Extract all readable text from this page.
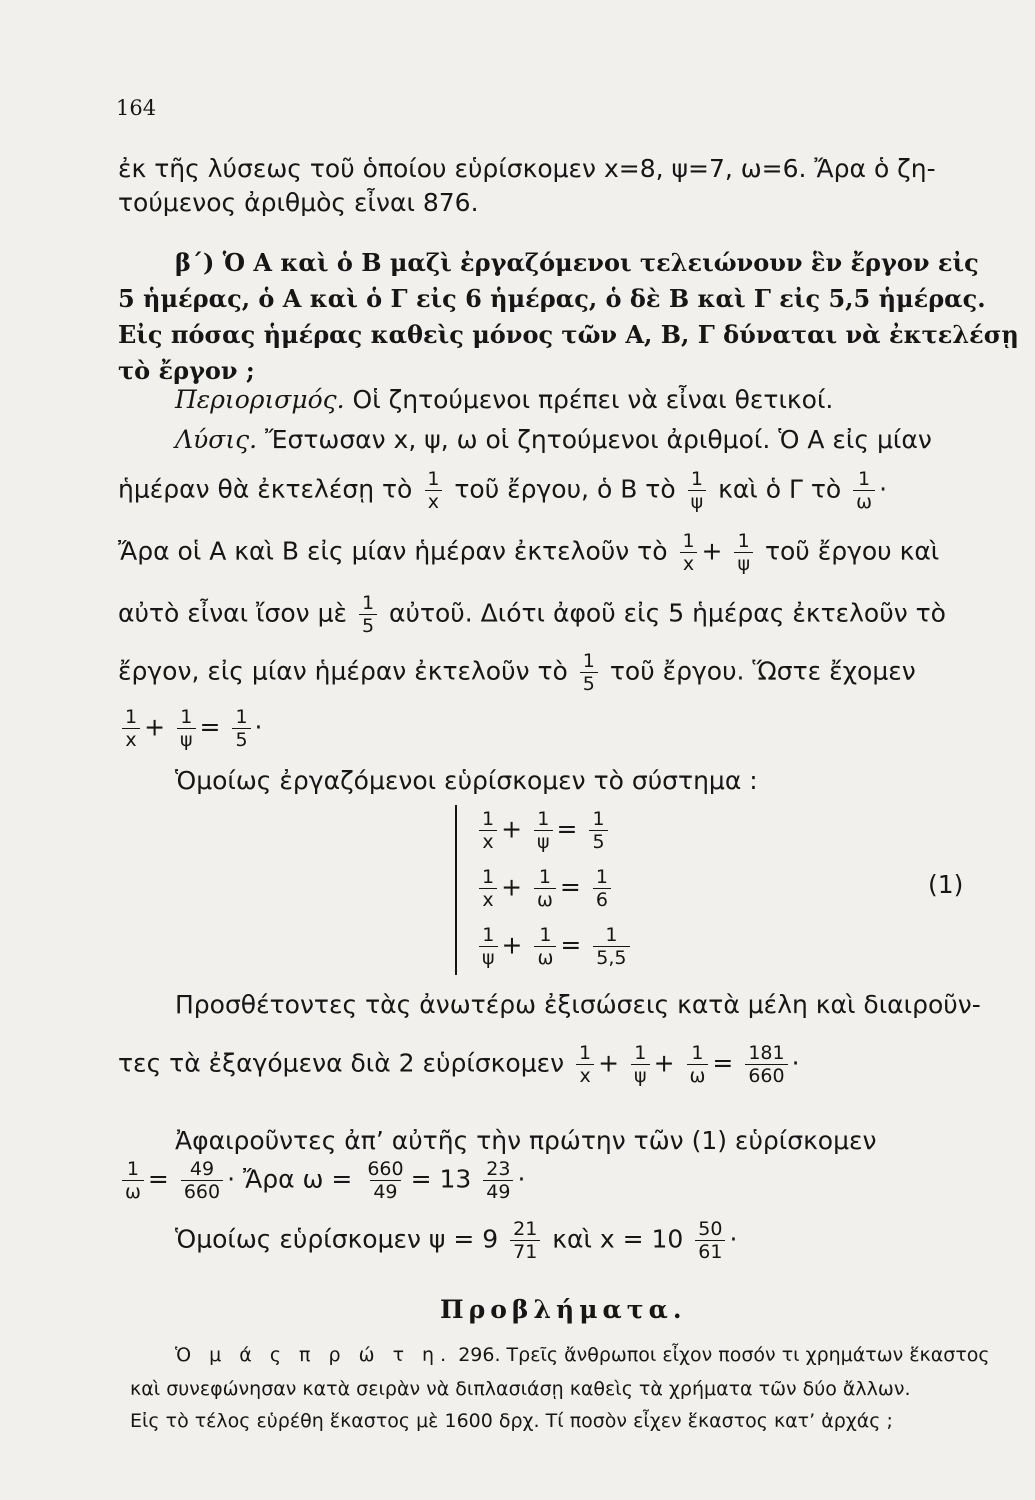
164
ἐκ τῆς λύσεως τοῦ ὁποίου εὑρίσκομεν x=8, ψ=7, ω=6. Ἄρα ὁ ζη-
τούμενος ἀριθμὸς εἶναι 876.
β΄) Ὁ Α καὶ ὁ Β μαζὶ ἐργαζόμενοι τελειώνουν ἓν ἔργον εἰς
5 ἡμέρας, ὁ Α καὶ ὁ Γ εἰς 6 ἡμέρας, ὁ δὲ Β καὶ Γ εἰς 5,5 ἡμέρας.
Εἰς πόσας ἡμέρας καθεὶς μόνος τῶν Α, Β, Γ δύναται νὰ ἐκτελέσῃ
τὸ ἔργον ;
Περιορισμός. Οἱ ζητούμενοι πρέπει νὰ εἶναι θετικοί.
Λύσις. Ἔστωσαν x, ψ, ω οἱ ζητούμενοι ἀριθμοί. Ὁ Α εἰς μίαν
ἡμέραν θὰ ἐκτελέσῃ τὸ $\frac{1}{x}$ τοῦ ἔργου, ὁ Β τὸ $\frac{1}{\psi}$ καὶ ὁ Γ τὸ $\frac{1}{\omega}$ ·
Ἄρα οἱ Α καὶ Β εἰς μίαν ἡμέραν ἐκτελοῦν τὸ $\frac{1}{x} + \frac{1}{\psi}$ τοῦ ἔργου καὶ
αὐτὸ εἶναι ἴσον μὲ $\frac{1}{5}$ αὐτοῦ. Διότι ἀφοῦ εἰς 5 ἡμέρας ἐκτελοῦν τὸ
ἔργον, εἰς μίαν ἡμέραν ἐκτελοῦν τὸ $\frac{1}{5}$ τοῦ ἔργου. Ὥστε ἔχομεν
$\frac{1}{x} + \frac{1}{\psi} = \frac{1}{5}$ ·
Ὁμοίως ἐργαζόμενοι εὑρίσκομεν τὸ σύστημα :
$\frac{1}{x} + \frac{1}{\psi} = \frac{1}{5}$
$\frac{1}{x} + \frac{1}{\omega} = \frac{1}{6}$
$\frac{1}{\psi} + \frac{1}{\omega} = \frac{1}{5,5}$
(1)
Προσθέτοντες τὰς ἀνωτέρω ἐξισώσεις κατὰ μέλη καὶ διαιροῦν-
τες τὰ ἐξαγόμενα διὰ 2 εὑρίσκομεν $\frac{1}{x} + \frac{1}{\psi} + \frac{1}{\omega} = \frac{181}{660}$ ·
Ἀφαιροῦντες ἀπ’ αὐτῆς τὴν πρώτην τῶν (1) εὑρίσκομεν
$\frac{1}{\omega} = \frac{49}{660}$ · Ἄρα $\omega = \frac{660}{49} = 13 \frac{23}{49}$ ·
Ὁμοίως εὑρίσκομεν $\psi = 9 \frac{21}{71}$ καὶ $x = 10 \frac{50}{61}$ ·
Προβλήματα.
Ὁ μ ά ς π ρ ώ τ η. 296. Τρεῖς ἄνθρωποι εἶχον ποσόν τι χρημάτων ἕκαστος
καὶ συνεφώνησαν κατὰ σειρὰν νὰ διπλασιάσῃ καθεὶς τὰ χρήματα τῶν δύο ἄλλων.
Εἰς τὸ τέλος εὑρέθη ἕκαστος μὲ 1600 δρχ. Τί ποσὸν εἶχεν ἕκαστος κατ’ ἀρχάς ;
